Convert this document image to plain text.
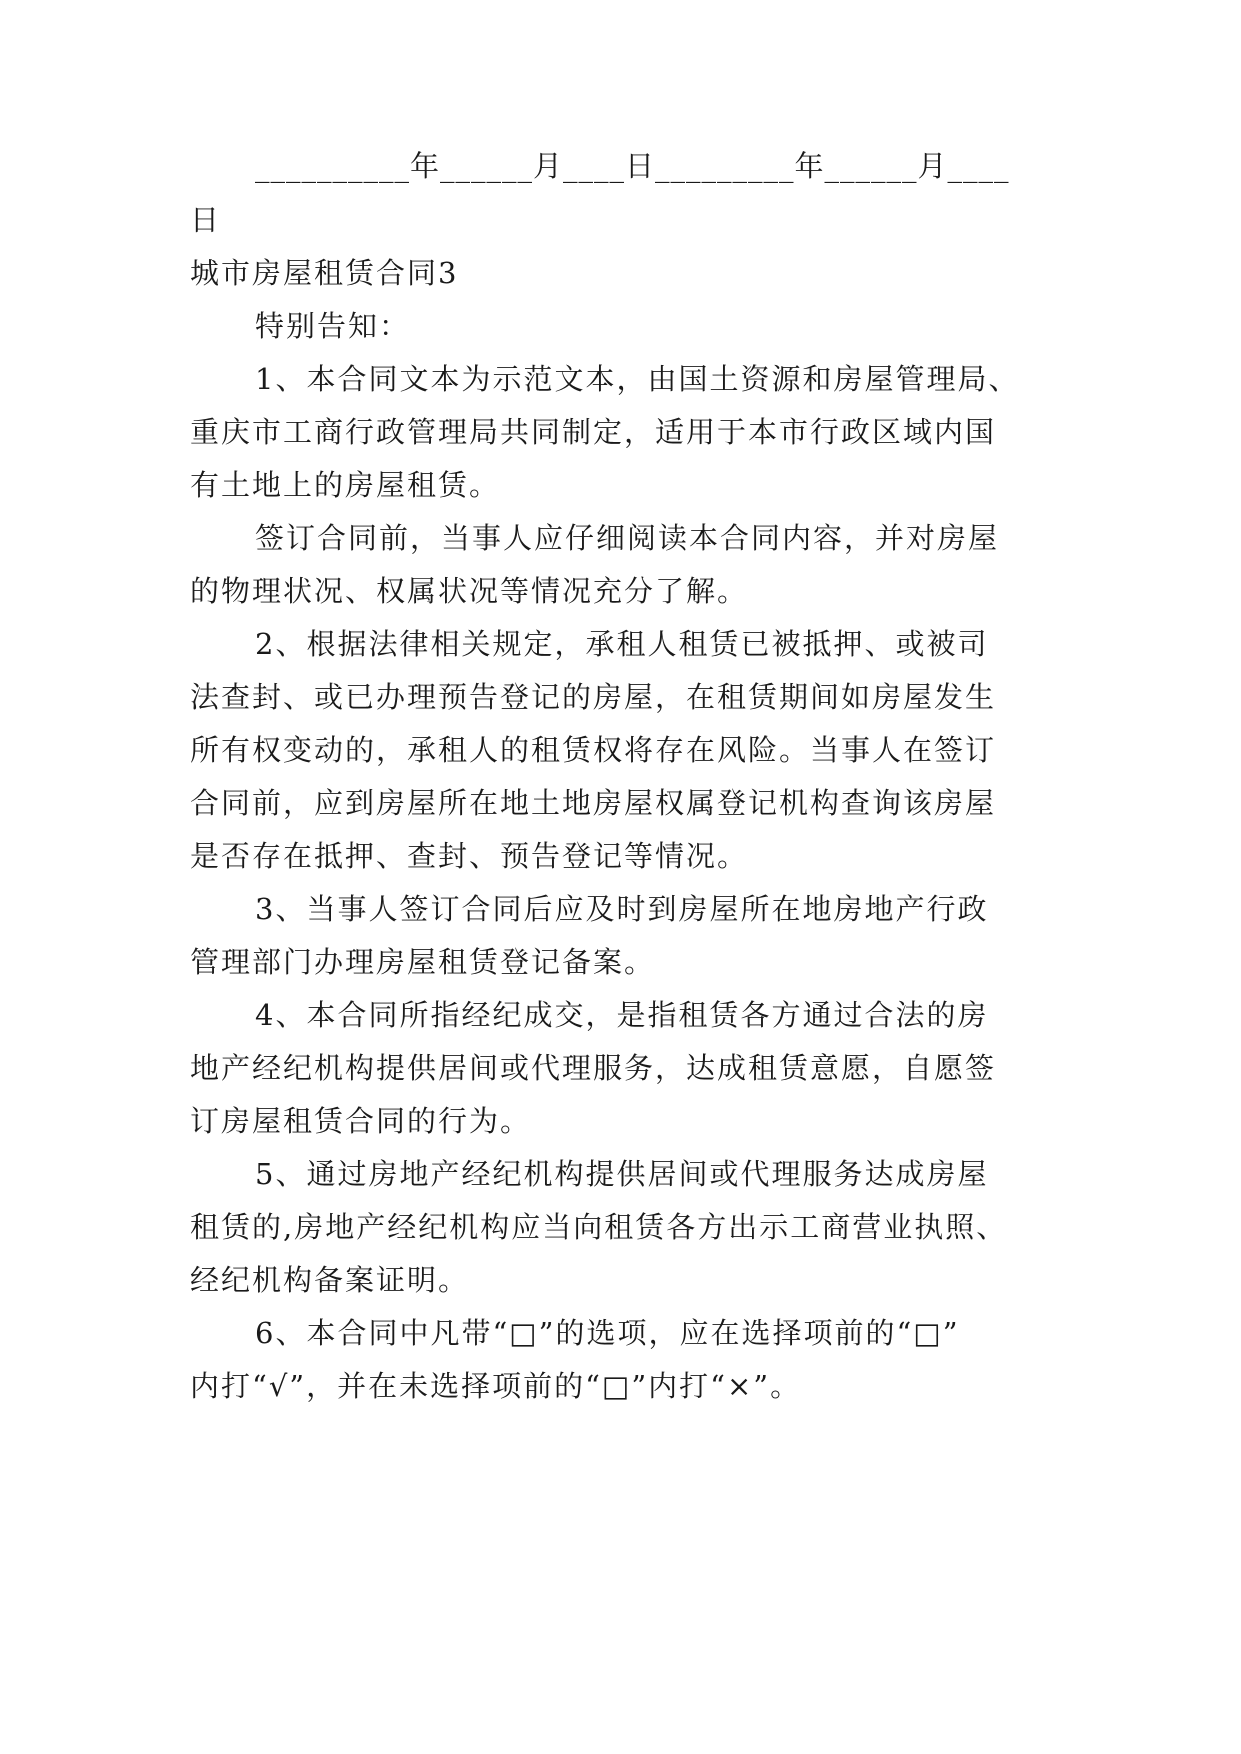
__________年______月____日_________年______月____
日
城市房屋租赁合同3
特别告知：
1、本合同文本为示范文本，由国土资源和房屋管理局、
重庆市工商行政管理局共同制定，适用于本市行政区域内国
有土地上的房屋租赁。
签订合同前，当事人应仔细阅读本合同内容，并对房屋
的物理状况、权属状况等情况充分了解。
2、根据法律相关规定，承租人租赁已被抵押、或被司
法查封、或已办理预告登记的房屋，在租赁期间如房屋发生
所有权变动的，承租人的租赁权将存在风险。当事人在签订
合同前，应到房屋所在地土地房屋权属登记机构查询该房屋
是否存在抵押、查封、预告登记等情况。
3、当事人签订合同后应及时到房屋所在地房地产行政
管理部门办理房屋租赁登记备案。
4、本合同所指经纪成交，是指租赁各方通过合法的房
地产经纪机构提供居间或代理服务，达成租赁意愿，自愿签
订房屋租赁合同的行为。
5、通过房地产经纪机构提供居间或代理服务达成房屋
租赁的,房地产经纪机构应当向租赁各方出示工商营业执照、
经纪机构备案证明。
6、本合同中凡带“□”的选项，应在选择项前的“□”
内打“√”，并在未选择项前的“□”内打“×”。
